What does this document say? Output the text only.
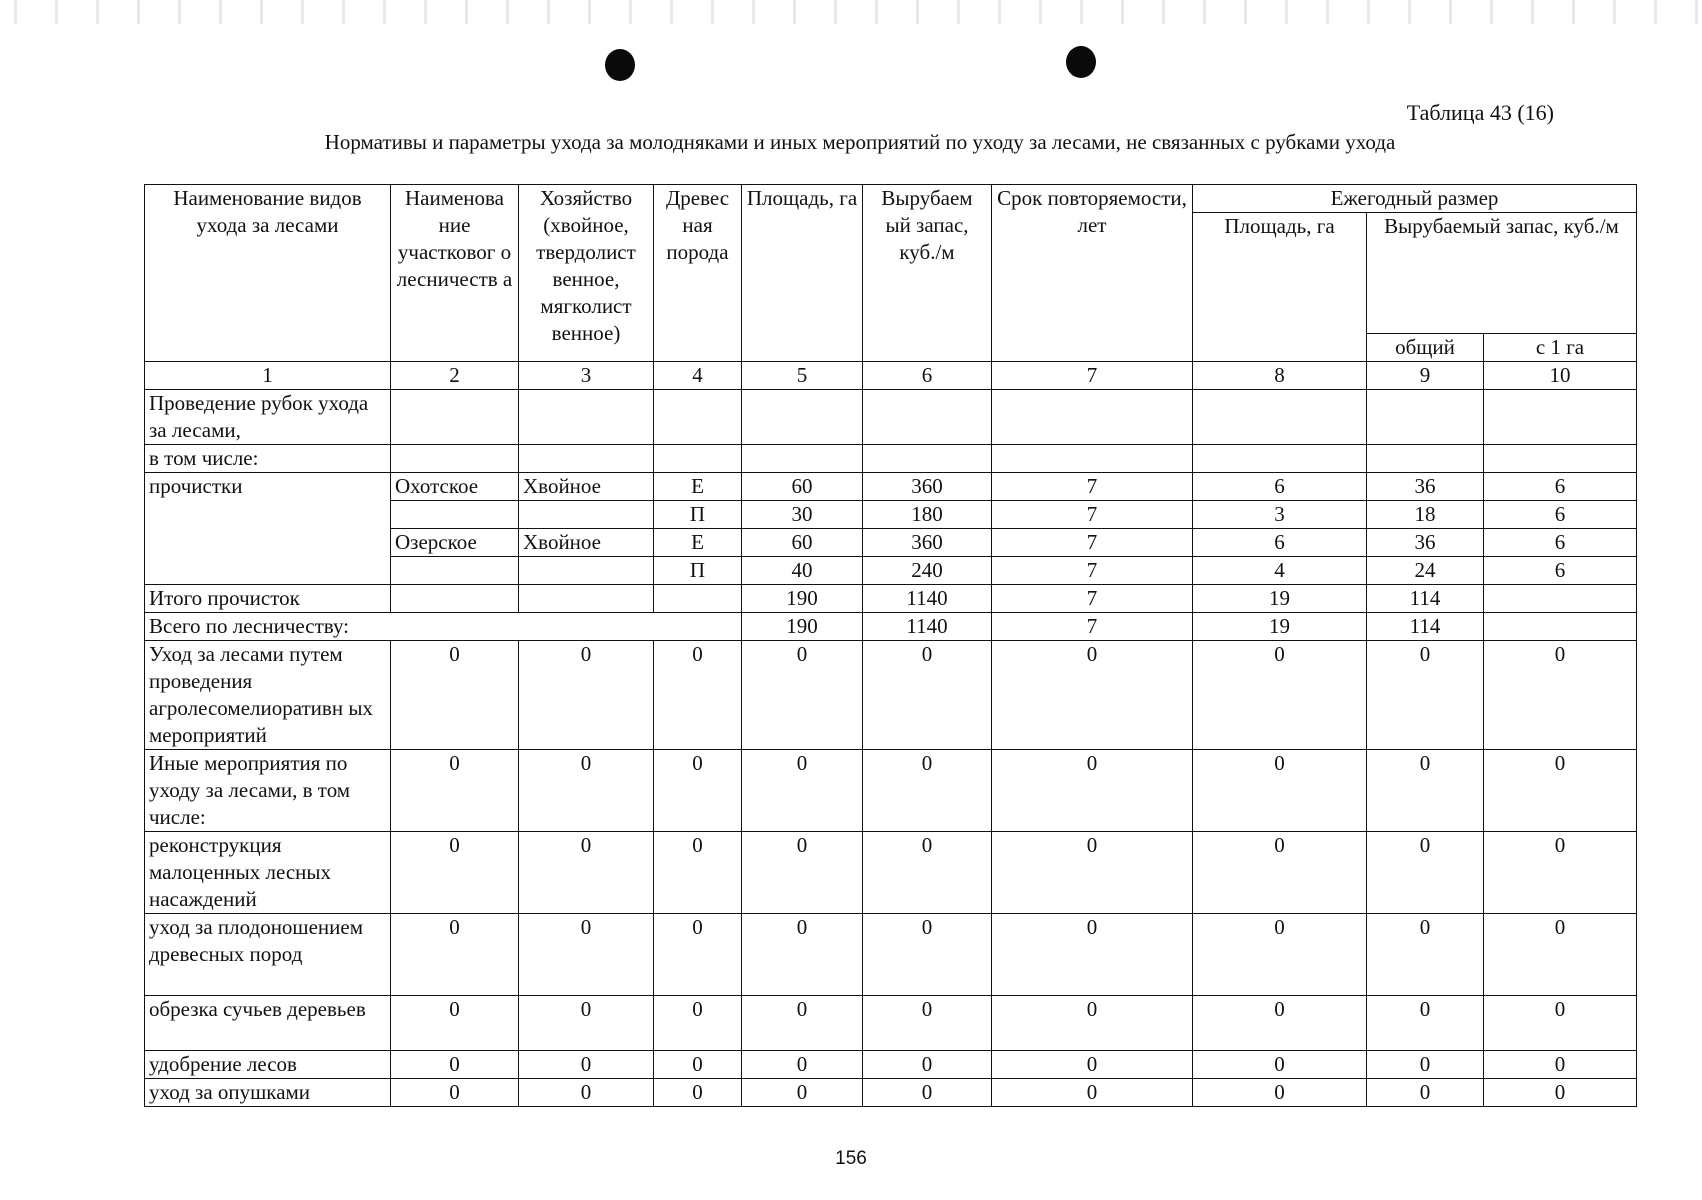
Таблица 43 (16)
Нормативы и параметры ухода за молодняками и иных мероприятий по уходу за лесами, не связанных с рубками ухода
Наименование видов ухода за лесами	Наименова ние участковог о лесничеств а	Хозяйство (хвойное, твердолист венное, мягколист венное)	Древес ная порода	Площадь, га	Вырубаем ый запас, куб./м	Срок повторяемости, лет	Ежегодный размер		
							Площадь, га	Вырубаемый запас, куб./м	
								общий	с 1 га
1	2	3	4	5	6	7	8	9	10
Проведение рубок ухода за лесами,									
в том числе:									
прочистки	Охотское	Хвойное	Е	60	360	7	6	36	6
			П	30	180	7	3	18	6
	Озерское	Хвойное	Е	60	360	7	6	36	6
			П	40	240	7	4	24	6
Итого прочисток				190	1140	7	19	114	
Всего по лесничеству:				190	1140	7	19	114	
Уход за лесами путем проведения агролесомелиоративн ых мероприятий	0	0	0	0	0	0	0	0	0
Иные мероприятия по уходу за лесами, в том числе:	0	0	0	0	0	0	0	0	0
реконструкция малоценных лесных насаждений	0	0	0	0	0	0	0	0	0
уход за плодоношением древесных пород	0	0	0	0	0	0	0	0	0
обрезка сучьев деревьев	0	0	0	0	0	0	0	0	0
удобрение лесов	0	0	0	0	0	0	0	0	0
уход за опушками	0	0	0	0	0	0	0	0	0
156
